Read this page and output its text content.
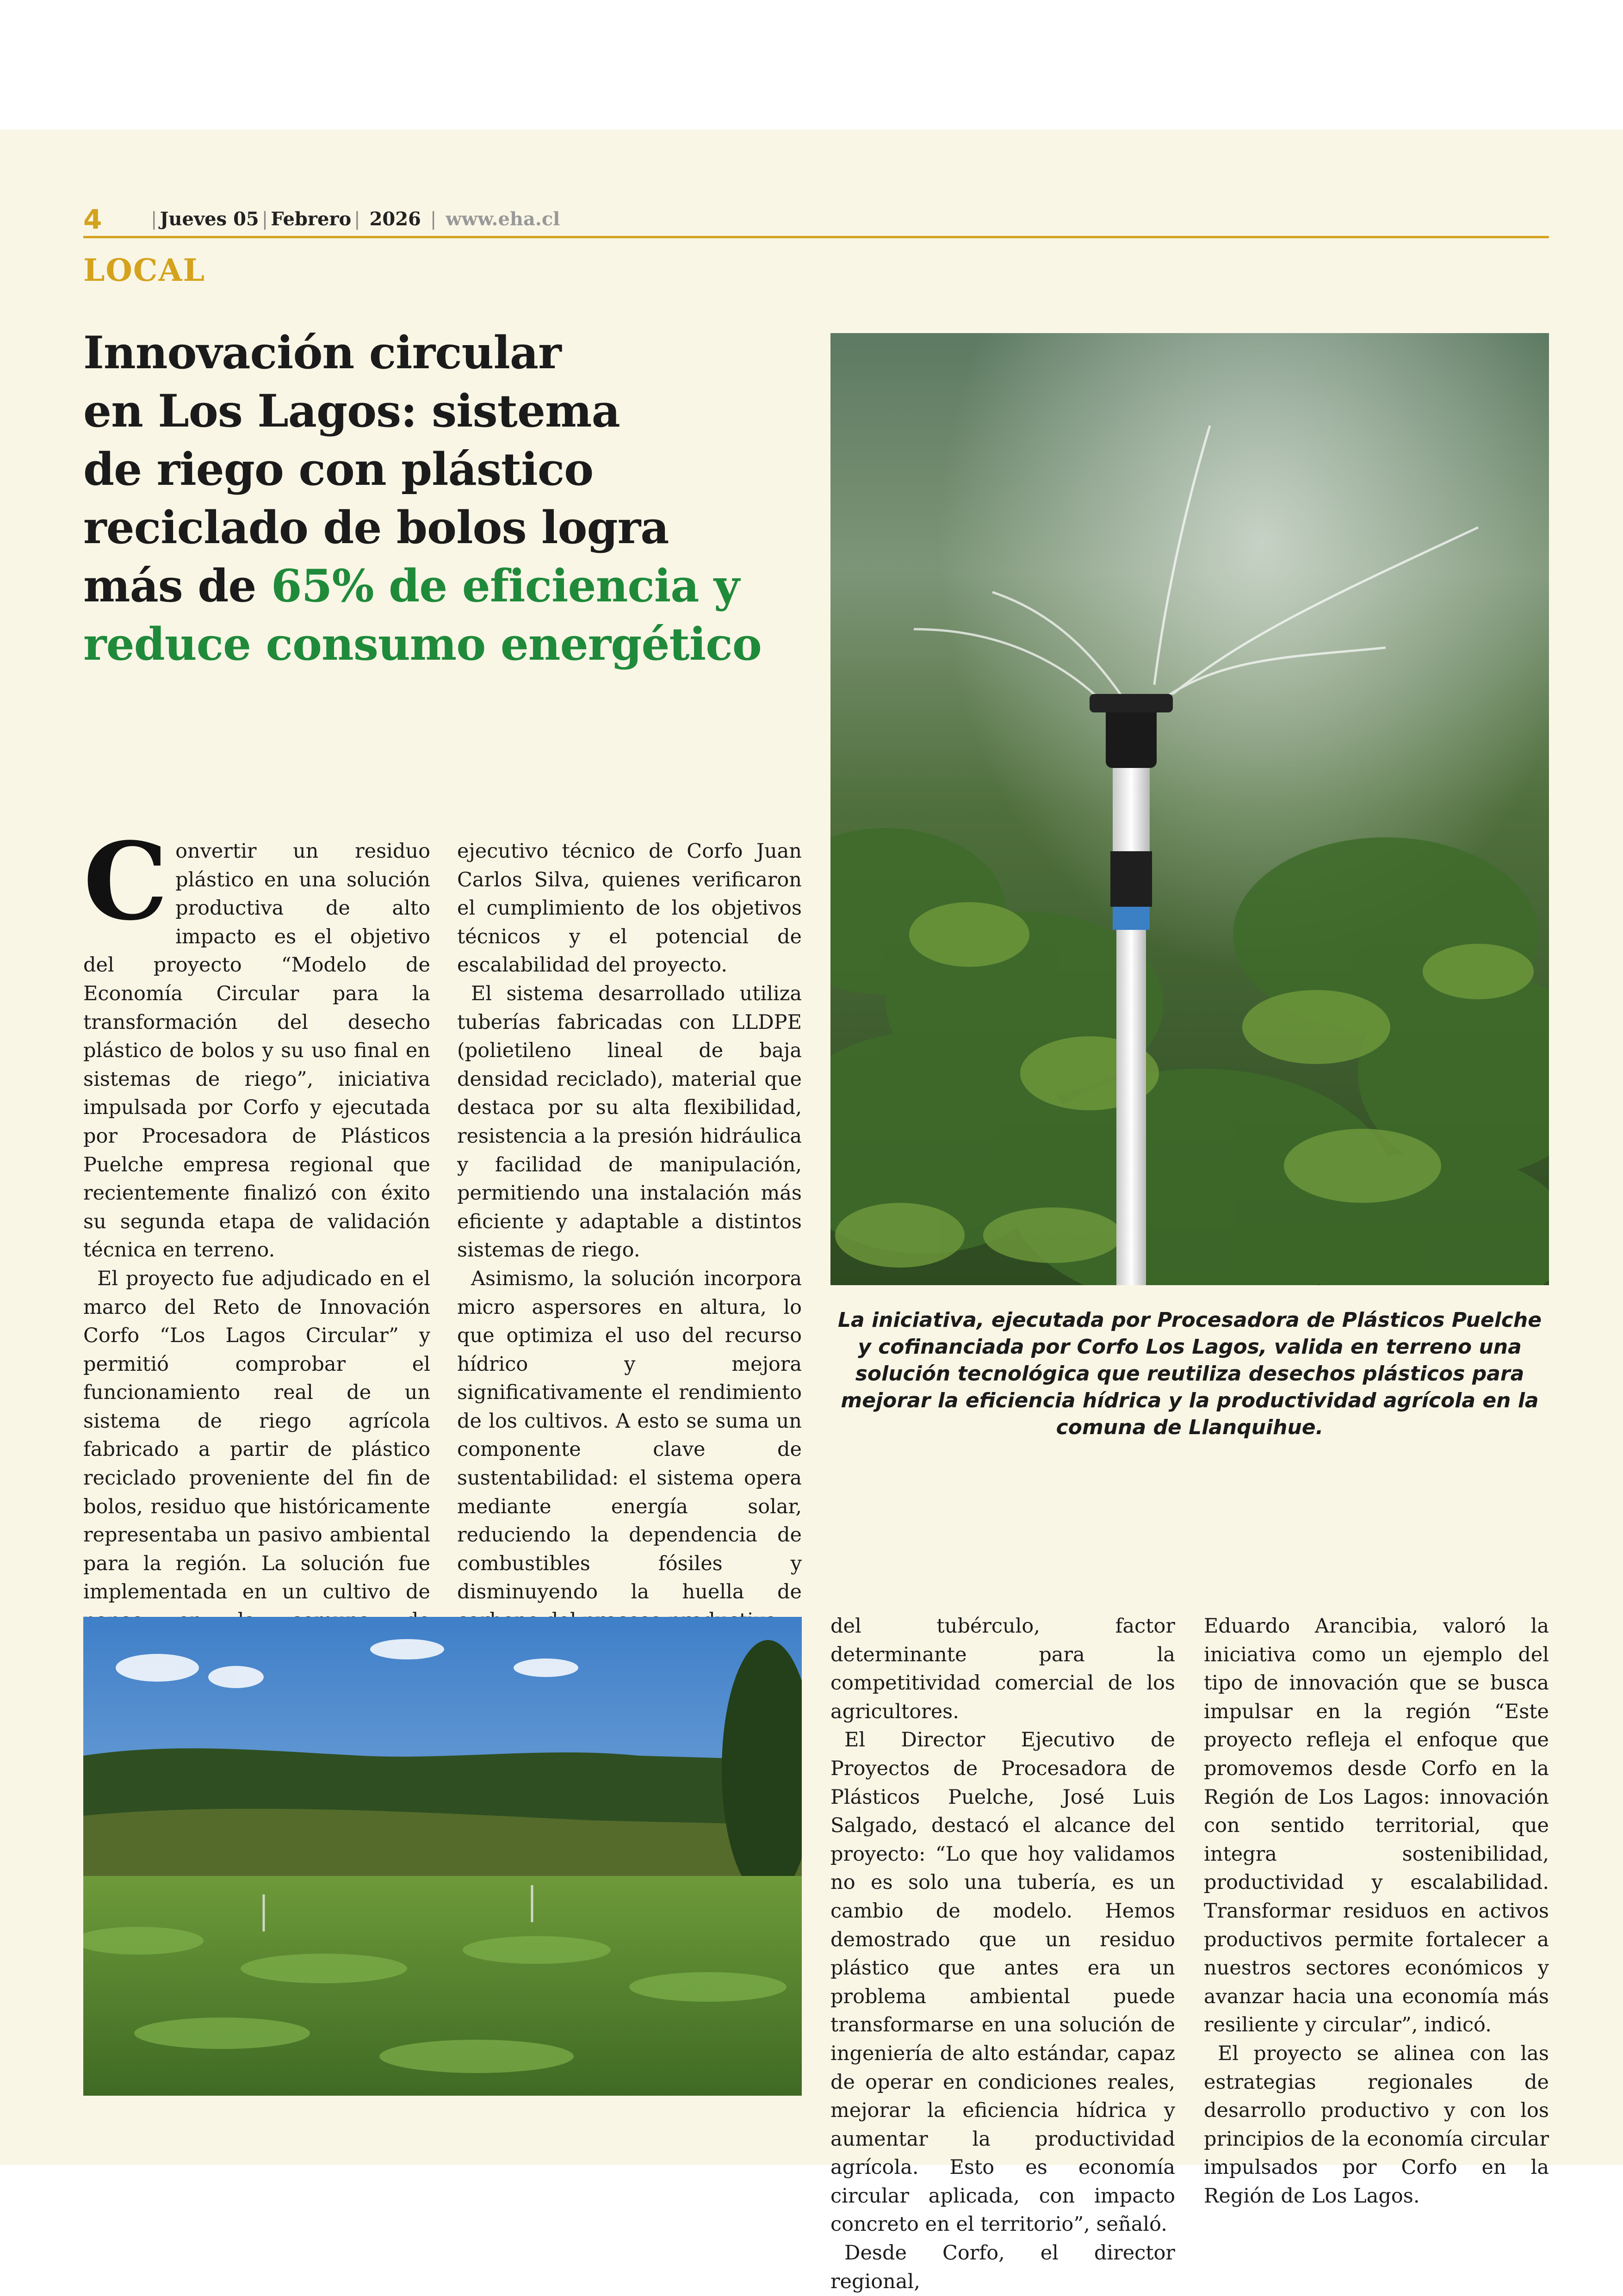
4	| Jueves 05 | Febrero | 2026 | www.eha.cl
LOCAL
Innovación circular
en Los Lagos: sistema
de riego con plástico
reciclado de bolos logra
más de 65% de eficiencia y
reduce consumo energético
La iniciativa, ejecutada por Procesadora de Plásticos Puelche y cofinanciada por Corfo Los Lagos, valida en terreno una solución tecnológica que reutiliza desechos plásticos para mejorar la eficiencia hídrica y la productividad agrícola en la comuna de Llanquihue.

Convertir un residuo plástico en una solución productiva de alto impacto es el objetivo del proyecto “Modelo de Economía Circular para la transformación del desecho plástico de bolos y su uso final en sistemas de riego”, iniciativa impulsada por Corfo y ejecutada por Procesadora de Plásticos Puelche empresa regional que recientemente finalizó con éxito su segunda etapa de validación técnica en terreno.

El proyecto fue adjudicado en el marco del Reto de Innovación Corfo “Los Lagos Circular” y permitió comprobar el funcionamiento real de un sistema de riego agrícola fabricado a partir de plástico reciclado proveniente del fin de bolos, residuo que históricamente representaba un pasivo ambiental para la región. La solución fue implementada en un cultivo de

ejecutivo técnico de Corfo Juan Carlos Silva, quienes verificaron el cumplimiento de los objetivos técnicos y el potencial de escalabilidad del proyecto.

El sistema desarrollado utiliza tuberías fabricadas con LLDPE (polietileno lineal de baja densidad reciclado), material que destaca por su alta flexibilidad, resistencia a la presión hidráulica y facilidad de manipulación, permitiendo una instalación más eficiente y adaptable a distintos sistemas de riego.

Asimismo, la solución incorpora micro aspersores en altura, lo que optimiza el uso del recurso hídrico y mejora significativamente el rendimiento de los cultivos. A esto se suma un componente clave de sustentabilidad: el sistema opera mediante energía solar, reduciendo la dependencia de combustibles fósiles y disminuyendo la huella de

del tubérculo, factor determinante para la competitividad comercial de los agricultores.

El Director Ejecutivo de Proyectos de Procesadora de Plásticos Puelche, José Luis Salgado, destacó el alcance del proyecto: “Lo que hoy validamos no es solo una tubería, es un cambio de modelo. Hemos demostrado que un residuo plástico que antes era un problema ambiental puede transformarse en una solución de ingeniería de alto estándar, capaz de operar en condiciones reales, mejorar la eficiencia hídrica y aumentar la productividad agrícola. Esto es economía circular aplicada, con impacto concreto en el territorio”, señaló.

Desde Corfo, el director regional,

Eduardo Arancibia, valoró la iniciativa como un ejemplo del tipo de innovación que se busca impulsar en la región “Este proyecto refleja el enfoque que promovemos desde Corfo en la Región de Los Lagos: innovación con sentido territorial, que integra sostenibilidad, productividad y escalabilidad. Transformar residuos en activos productivos permite fortalecer a nuestros sectores económicos y avanzar hacia una economía más resiliente y circular”, indicó.

El proyecto se alinea con las estrategias regionales de desarrollo productivo y con los principios de la economía circular impulsados por Corfo en la Región de Los Lagos.
